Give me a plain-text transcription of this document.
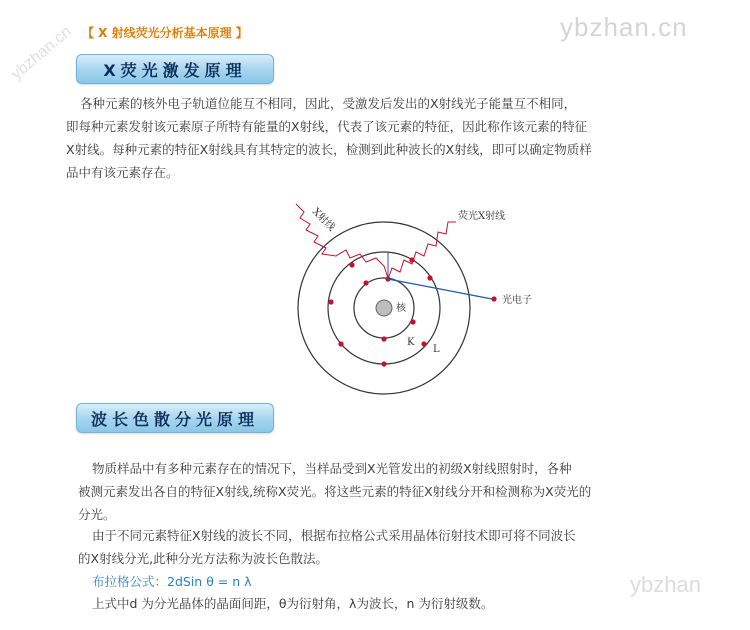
ybzhan.cn
ybzhan.cn
ybzhan
【 X 射线荧光分析基本原理 】
X荧光激发原理
各种元素的核外电子轨道位能互不相同，因此，受激发后发出的X射线光子能量互不相同，
即每种元素发射该元素原子所特有能量的X射线，代表了该元素的特征，因此称作该元素的特征
X射线。每种元素的特征X射线具有其特定的波长，检测到此种波长的X射线，即可以确定物质样
品中有该元素存在。
X射线	荧光X射线
光电子
核
K
L
波长色散分光原理
物质样品中有多种元素存在的情况下，当样品受到X光管发出的初级X射线照射时，各种
被测元素发出各自的特征X射线,统称X荧光。将这些元素的特征X射线分开和检测称为X荧光的
分光。
由于不同元素特征X射线的波长不同，根据布拉格公式采用晶体衍射技术即可将不同波长
的X射线分光,此种分光方法称为波长色散法。
布拉格公式：2dSin θ = n λ
上式中d 为分光晶体的晶面间距，θ为衍射角，λ为波长，n 为衍射级数。
